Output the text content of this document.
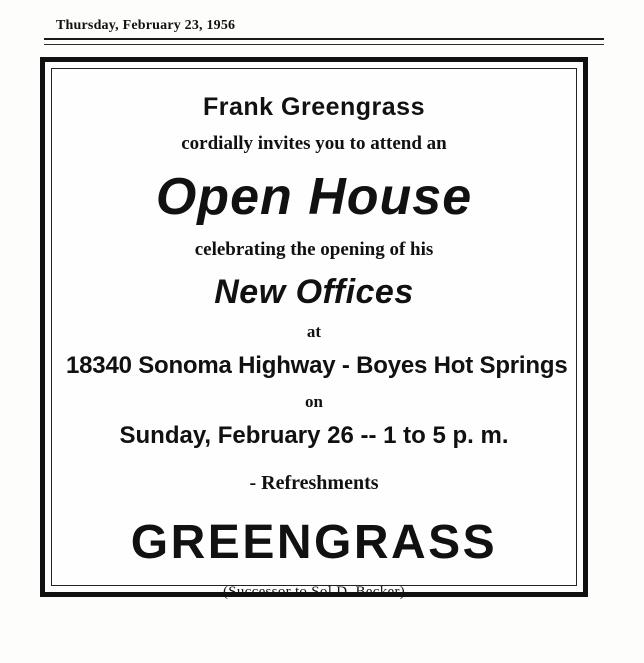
Thursday, February 23, 1956
Frank Greengrass
cordially invites you to attend an
Open House
celebrating the opening of his
New Offices
at
18340 Sonoma Highway - Boyes Hot Springs
on
Sunday, February 26 -- 1 to 5 p. m.
- Refreshments
GREENGRASS
(Successor to Sol D. Becker)
